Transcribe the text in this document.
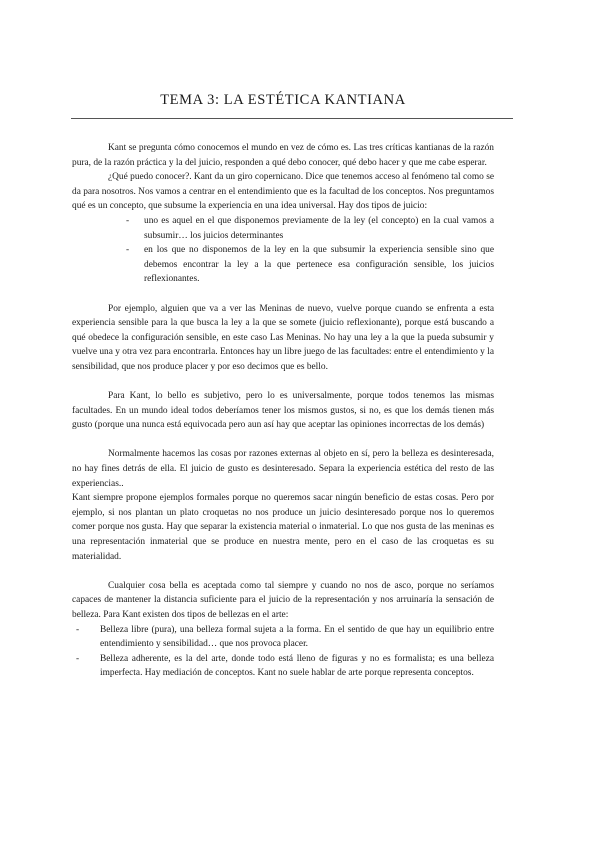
TEMA 3: LA ESTÉTICA KANTIANA

Kant se pregunta cómo conocemos el mundo en vez de cómo es. Las tres críticas kantianas de la razón pura, de la razón práctica y la del juicio, responden a qué debo conocer, qué debo hacer y que me cabe esperar.

¿Qué puedo conocer?. Kant da un giro copernicano. Dice que tenemos acceso al fenómeno tal como se da para nosotros. Nos vamos a centrar en el entendimiento que es la facultad de los conceptos. Nos preguntamos qué es un concepto, que subsume la experiencia en una idea universal. Hay dos tipos de juicio:

- uno es aquel en el que disponemos previamente de la ley (el concepto) en la cual vamos a subsumir… los juicios determinantes
- en los que no disponemos de la ley en la que subsumir la experiencia sensible sino que debemos encontrar la ley a la que pertenece esa configuración sensible, los juicios reflexionantes.

Por ejemplo, alguien que va a ver las Meninas de nuevo, vuelve porque cuando se enfrenta a esta experiencia sensible para la que busca la ley a la que se somete (juicio reflexionante), porque está buscando a qué obedece la configuración sensible, en este caso Las Meninas. No hay una ley a la que la pueda subsumir y vuelve una y otra vez para encontrarla. Entonces hay un libre juego de las facultades: entre el entendimiento y la sensibilidad, que nos produce placer y por eso decimos que es bello.

Para Kant, lo bello es subjetivo, pero lo es universalmente, porque todos tenemos las mismas facultades. En un mundo ideal todos deberíamos tener los mismos gustos, si no, es que los demás tienen más gusto (porque una nunca está equivocada pero aun así hay que aceptar las opiniones incorrectas de los demás)

Normalmente hacemos las cosas por razones externas al objeto en sí, pero la belleza es desinteresada, no hay fines detrás de ella. El juicio de gusto es desinteresado. Separa la experiencia estética del resto de las experiencias..

Kant siempre propone ejemplos formales porque no queremos sacar ningún beneficio de estas cosas. Pero por ejemplo, si nos plantan un plato croquetas no nos produce un juicio desinteresado porque nos lo queremos comer porque nos gusta. Hay que separar la existencia material o inmaterial. Lo que nos gusta de las meninas es una representación inmaterial que se produce en nuestra mente, pero en el caso de las croquetas es su materialidad.

Cualquier cosa bella es aceptada como tal siempre y cuando no nos de asco, porque no seríamos capaces de mantener la distancia suficiente para el juicio de la representación y nos arruinaría la sensación de belleza. Para Kant existen dos tipos de bellezas en el arte:

- Belleza libre (pura), una belleza formal sujeta a la forma. En el sentido de que hay un equilibrio entre entendimiento y sensibilidad… que nos provoca placer.
- Belleza adherente, es la del arte, donde todo está lleno de figuras y no es formalista; es una belleza imperfecta. Hay mediación de conceptos. Kant no suele hablar de arte porque representa conceptos.
